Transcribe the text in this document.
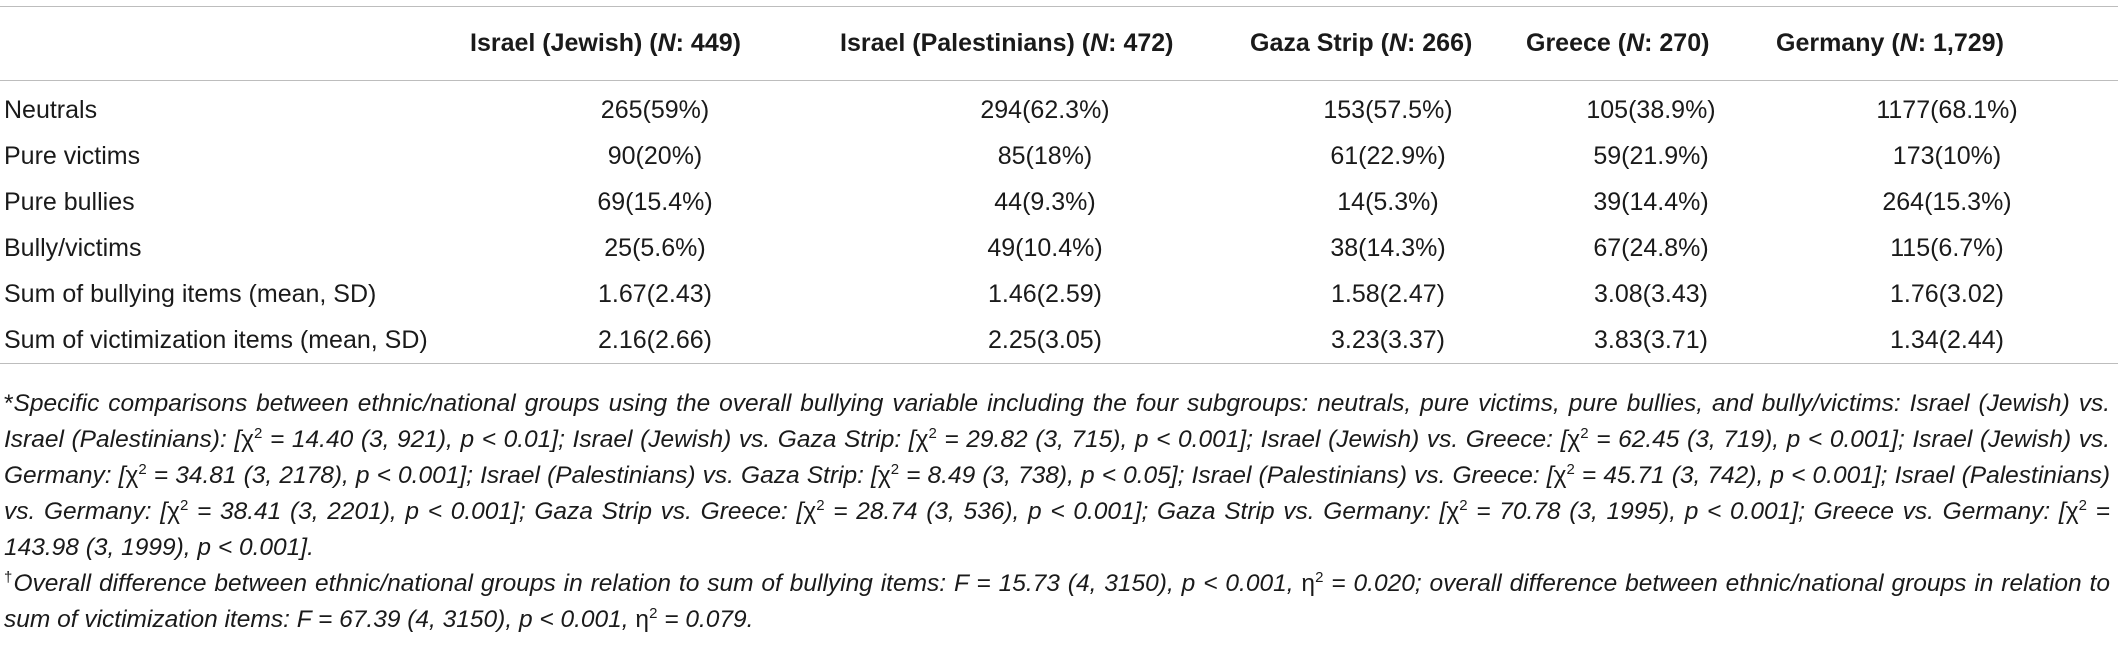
	Israel (Jewish) (N: 449)	Israel (Palestinians) (N: 472)	Gaza Strip (N: 266)	Greece (N: 270)	Germany (N: 1,729)
Neutrals	265(59%)	294(62.3%)	153(57.5%)	105(38.9%)	1177(68.1%)
Pure victims	90(20%)	85(18%)	61(22.9%)	59(21.9%)	173(10%)
Pure bullies	69(15.4%)	44(9.3%)	14(5.3%)	39(14.4%)	264(15.3%)
Bully/victims	25(5.6%)	49(10.4%)	38(14.3%)	67(24.8%)	115(6.7%)
Sum of bullying items (mean, SD)	1.67(2.43)	1.46(2.59)	1.58(2.47)	3.08(3.43)	1.76(3.02)
Sum of victimization items (mean, SD)	2.16(2.66)	2.25(3.05)	3.23(3.37)	3.83(3.71)	1.34(2.44)

*Specific comparisons between ethnic/national groups using the overall bullying variable including the four subgroups: neutrals, pure victims, pure bullies, and bully/victims: Israel (Jewish) vs. Israel (Palestinians): [$\chi^2 = 14.40$ (3, 921), p < 0.01]; Israel (Jewish) vs. Gaza Strip: [$\chi^2 = 29.82$ (3, 715), p < 0.001]; Israel (Jewish) vs. Greece: [$\chi^2 = 62.45$ (3, 719), p < 0.001]; Israel (Jewish) vs. Germany: [$\chi^2 = 34.81$ (3, 2178), p < 0.001]; Israel (Palestinians) vs. Gaza Strip: [$\chi^2 = 8.49$ (3, 738), p < 0.05]; Israel (Palestinians) vs. Greece: [$\chi^2 = 45.71$ (3, 742), p < 0.001]; Israel (Palestinians) vs. Germany: [$\chi^2 = 38.41$ (3, 2201), p < 0.001]; Gaza Strip vs. Greece: [$\chi^2 = 28.74$ (3, 536), p < 0.001]; Gaza Strip vs. Germany: [$\chi^2 = 70.78$ (3, 1995), p < 0.001]; Greece vs. Germany: [$\chi^2 = 143.98$ (3, 1999), p < 0.001].

†Overall difference between ethnic/national groups in relation to sum of bullying items: F = 15.73 (4, 3150), p < 0.001, $\eta^2 = 0.020$; overall difference between ethnic/national groups in relation to sum of victimization items: F = 67.39 (4, 3150), p < 0.001, $\eta^2 = 0.079$.
